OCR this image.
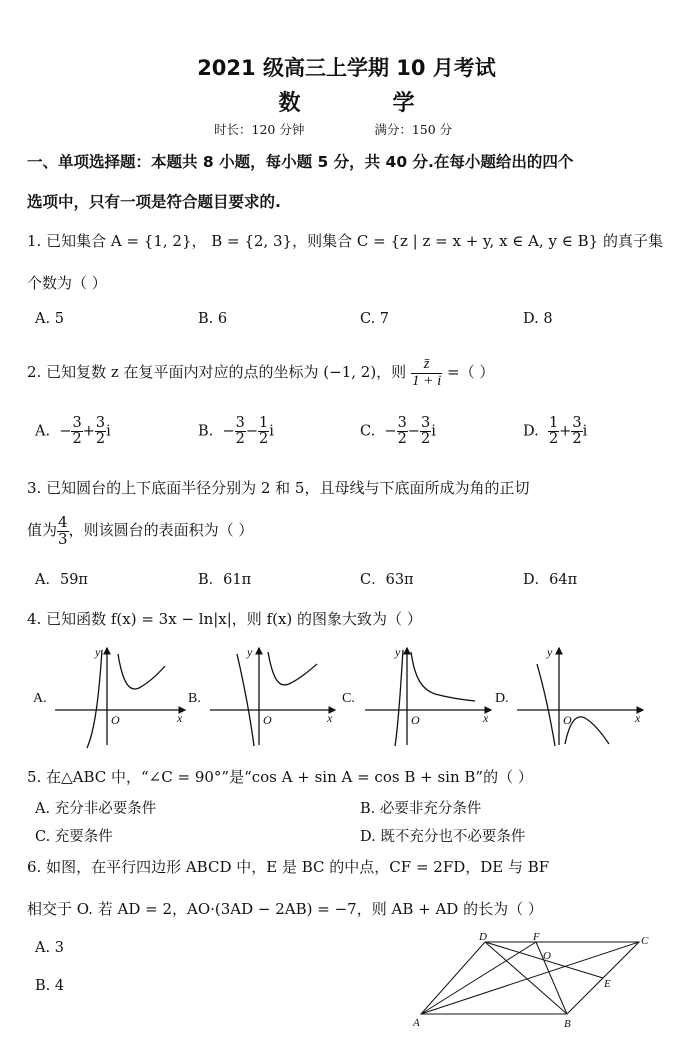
2021 级高三上学期 10 月考试
数	学
时长：120 分钟	满分：150 分
一、单项选择题：本题共 8 小题，每小题 5 分，共 40 分.在每小题给出的四个
选项中，只有一项是符合题目要求的.
1. 已知集合 A = {1, 2}， B = {2, 3}，则集合 C = {z | z = x + y, x ∈ A, y ∈ B} 的真子集
个数为（ ）
A. 5	B. 6	C. 7	D. 8
2. 已知复数 z 在复平面内对应的点的坐标为 (−1, 2)，则 $\frac{z̄}{1 + i}$ =（ ）
A. − $\frac{3}{2} + \frac{3}{2}$ i	B. − $\frac{3}{2} - \frac{1}{2}$ i	C. − $\frac{3}{2} - \frac{3}{2}$ i	D. $\frac{1}{2} + \frac{3}{2}$ i
3. 已知圆台的上下底面半径分别为 2 和 5，且母线与下底面所成为角的正切
值为 $\frac{4}{3}$ ，则该圆台的表面积为（ ）
A．59π	B．61π	C．63π	D．64π
4. 已知函数 f(x) = 3x − ln|x|，则 f(x) 的图象大致为（ ）
A.	B.	C.	D.
y
x
O
y
x
O
y
x
O
y
x
O
5. 在△ABC 中，“∠C = 90°”是“cos A + sin A = cos B + sin B”的（ ）
A. 充分非必要条件	B. 必要非充分条件
C. 充要条件	D. 既不充分也不必要条件
6. 如图，在平行四边形 ABCD 中，E 是 BC 的中点，CF = 2FD，DE 与 BF
相交于 O. 若 AD = 2，AO·(3AD − 2AB) = −7，则 AB + AD 的长为（ ）
A. 3
B. 4
D	F	C
O
E
A	B
